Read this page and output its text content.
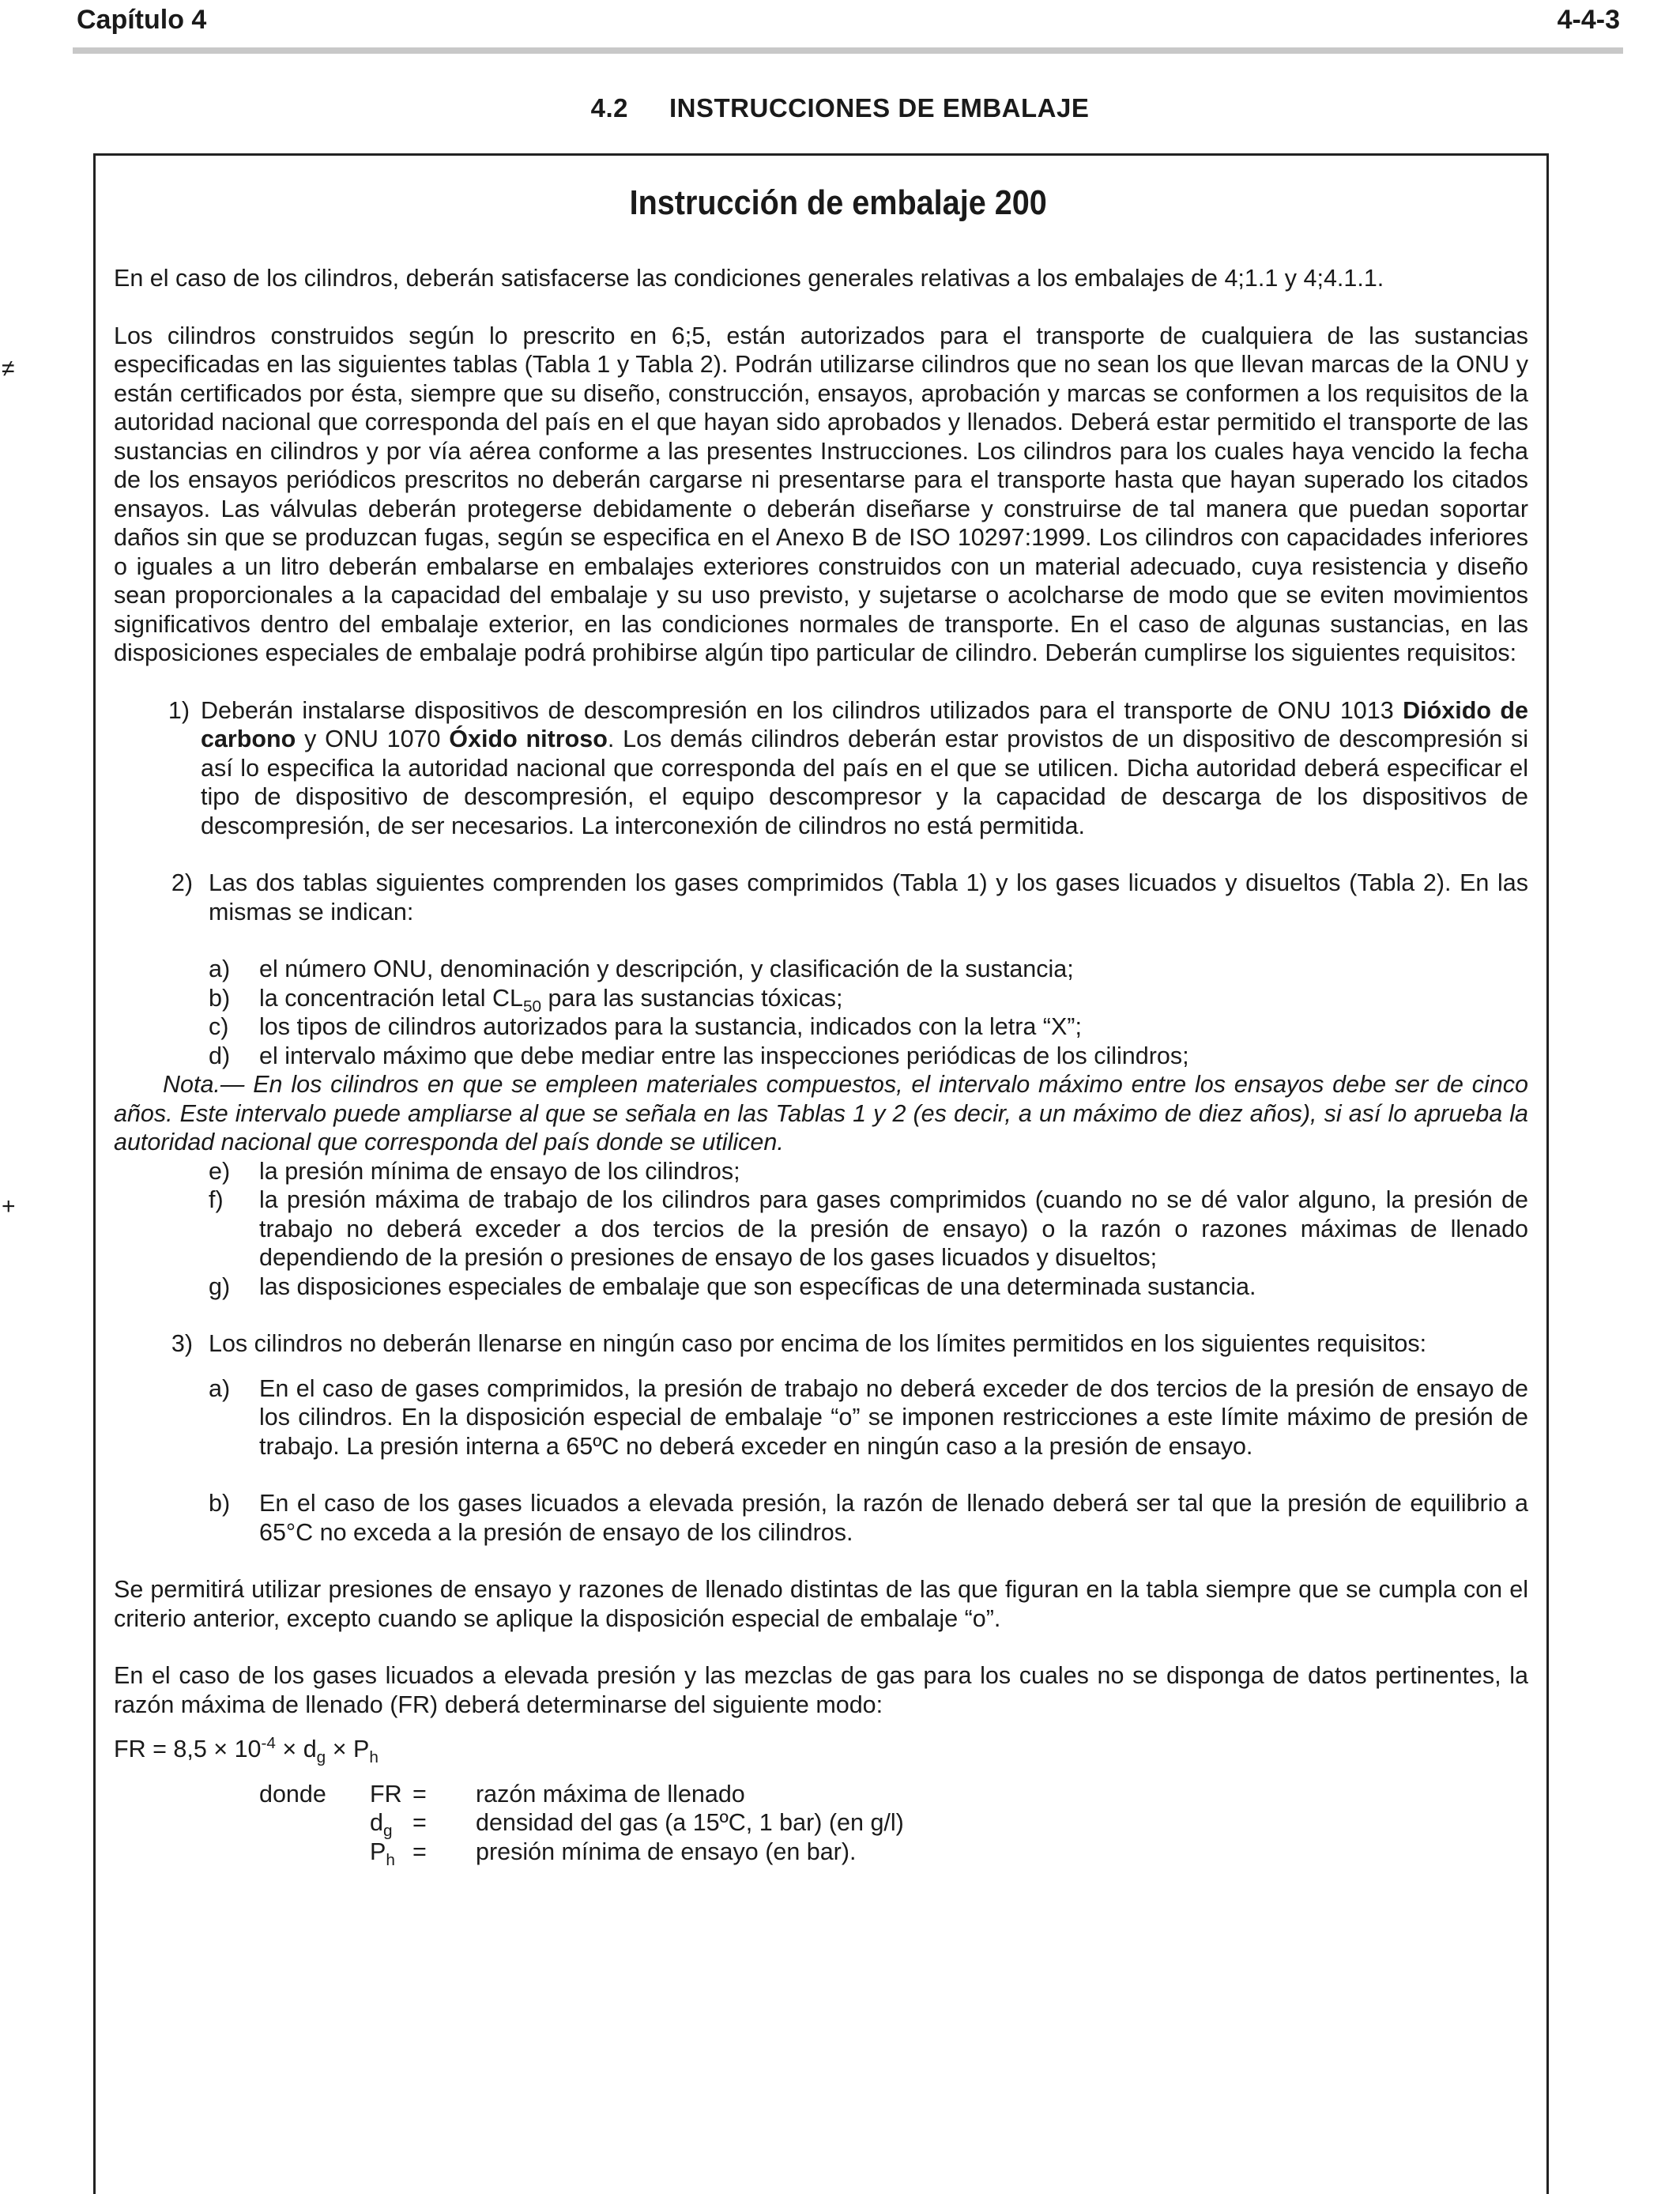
Capítulo 4	4-4-3
4.2 INSTRUCCIONES DE EMBALAJE
Instrucción de embalaje 200
≠
+

En el caso de los cilindros, deberán satisfacerse las condiciones generales relativas a los embalajes de 4;1.1 y 4;4.1.1.

Los cilindros construidos según lo prescrito en 6;5, están autorizados para el transporte de cualquiera de las sustancias especificadas en las siguientes tablas (Tabla 1 y Tabla 2). Podrán utilizarse cilindros que no sean los que llevan marcas de la ONU y están certificados por ésta, siempre que su diseño, construcción, ensayos, aprobación y marcas se conformen a los requisitos de la autoridad nacional que corresponda del país en el que hayan sido aprobados y llenados. Deberá estar permitido el transporte de las sustancias en cilindros y por vía aérea conforme a las presentes Instrucciones. Los cilindros para los cuales haya vencido la fecha de los ensayos periódicos prescritos no deberán cargarse ni presentarse para el transporte hasta que hayan superado los citados ensayos. Las válvulas deberán protegerse debidamente o deberán diseñarse y construirse de tal manera que puedan soportar daños sin que se produzcan fugas, según se especifica en el Anexo B de ISO 10297:1999. Los cilindros con capacidades inferiores o iguales a un litro deberán embalarse en embalajes exteriores construidos con un material adecuado, cuya resistencia y diseño sean proporcionales a la capacidad del embalaje y su uso previsto, y sujetarse o acolcharse de modo que se eviten movimientos significativos dentro del embalaje exterior, en las condiciones normales de transporte. En el caso de algunas sustancias, en las disposiciones especiales de embalaje podrá prohibirse algún tipo particular de cilindro. Deberán cumplirse los siguientes requisitos:

1) Deberán instalarse dispositivos de descompresión en los cilindros utilizados para el transporte de ONU 1013 Dióxido de carbono y ONU 1070 Óxido nitroso. Los demás cilindros deberán estar provistos de un dispositivo de descompresión si así lo especifica la autoridad nacional que corresponda del país en el que se utilicen. Dicha autoridad deberá especificar el tipo de dispositivo de descompresión, el equipo descompresor y la capacidad de descarga de los dispositivos de descompresión, de ser necesarios. La interconexión de cilindros no está permitida.
2) Las dos tablas siguientes comprenden los gases comprimidos (Tabla 1) y los gases licuados y disueltos (Tabla 2). En las mismas se indican:
a)	el número ONU, denominación y descripción, y clasificación de la sustancia;
b)	la concentración letal $CL_{50}$ para las sustancias tóxicas;
c)	los tipos de cilindros autorizados para la sustancia, indicados con la letra “X”;
d)	el intervalo máximo que debe mediar entre las inspecciones periódicas de los cilindros;

Nota.— En los cilindros en que se empleen materiales compuestos, el intervalo máximo entre los ensayos debe ser de cinco años. Este intervalo puede ampliarse al que se señala en las Tablas 1 y 2 (es decir, a un máximo de diez años), si así lo aprueba la autoridad nacional que corresponda del país donde se utilicen.

e)	la presión mínima de ensayo de los cilindros;
f)	la presión máxima de trabajo de los cilindros para gases comprimidos (cuando no se dé valor alguno, la presión de trabajo no deberá exceder a dos tercios de la presión de ensayo) o la razón o razones máximas de llenado dependiendo de la presión o presiones de ensayo de los gases licuados y disueltos;
g)	las disposiciones especiales de embalaje que son específicas de una determinada sustancia.
3) Los cilindros no deberán llenarse en ningún caso por encima de los límites permitidos en los siguientes requisitos:
a)	En el caso de gases comprimidos, la presión de trabajo no deberá exceder de dos tercios de la presión de ensayo de los cilindros. En la disposición especial de embalaje “o” se imponen restricciones a este límite máximo de presión de trabajo. La presión interna a 65ºC no deberá exceder en ningún caso a la presión de ensayo.
b)	En el caso de los gases licuados a elevada presión, la razón de llenado deberá ser tal que la presión de equilibrio a 65°C no exceda a la presión de ensayo de los cilindros.

Se permitirá utilizar presiones de ensayo y razones de llenado distintas de las que figuran en la tabla siempre que se cumpla con el criterio anterior, excepto cuando se aplique la disposición especial de embalaje “o”.

En el caso de los gases licuados a elevada presión y las mezclas de gas para los cuales no se disponga de datos pertinentes, la razón máxima de llenado (FR) deberá determinarse del siguiente modo:

FR = $8,5 \times 10^{-4} \times d_g \times P_h$

donde	FR =	razón máxima de llenado
$d_g$ =	densidad del gas (a 15ºC, 1 bar) (en g/l)
$P_h$ =	presión mínima de ensayo (en bar).
